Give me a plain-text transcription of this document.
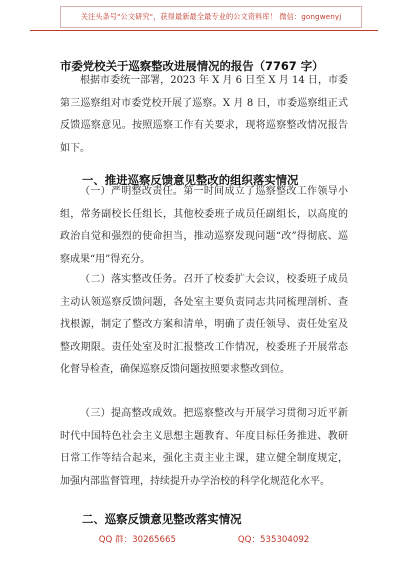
关注头条号"公文研究"，获得最新最全最专业的公文资料库！ 微信：gongwenyj
市委党校关于巡察整改进展情况的报告（7767 字）

根据市委统一部署，2023 年 X 月 6 日至 X 月 14 日，市委第三巡察组对市委党校开展了巡察。X 月 8 日，市委巡察组正式反馈巡察意见。按照巡察工作有关要求，现将巡察整改情况报告如下。

一、推进巡察反馈意见整改的组织落实情况

（一）严明整改责任。第一时间成立了巡察整改工作领导小组，常务副校长任组长，其他校委班子成员任副组长，以高度的政治自觉和强烈的使命担当，推动巡察发现问题“改”得彻底、巡察成果“用”得充分。

（二）落实整改任务。召开了校委扩大会议，校委班子成员主动认领巡察反馈问题，各处室主要负责同志共同梳理剖析、查找根源，制定了整改方案和清单，明确了责任领导、责任处室及整改期限。责任处室及时汇报整改工作情况，校委班子开展常态化督导检查，确保巡察反馈问题按照要求整改到位。

（三）提高整改成效。把巡察整改与开展学习贯彻习近平新时代中国特色社会主义思想主题教育、年度目标任务推进、教研日常工作等结合起来，强化主责主业主课，建立健全制度规定，加强内部监督管理，持续提升办学治校的科学化规范化水平。

二、巡察反馈意见整改落实情况
QQ 群：30265665	QQ：535304092
